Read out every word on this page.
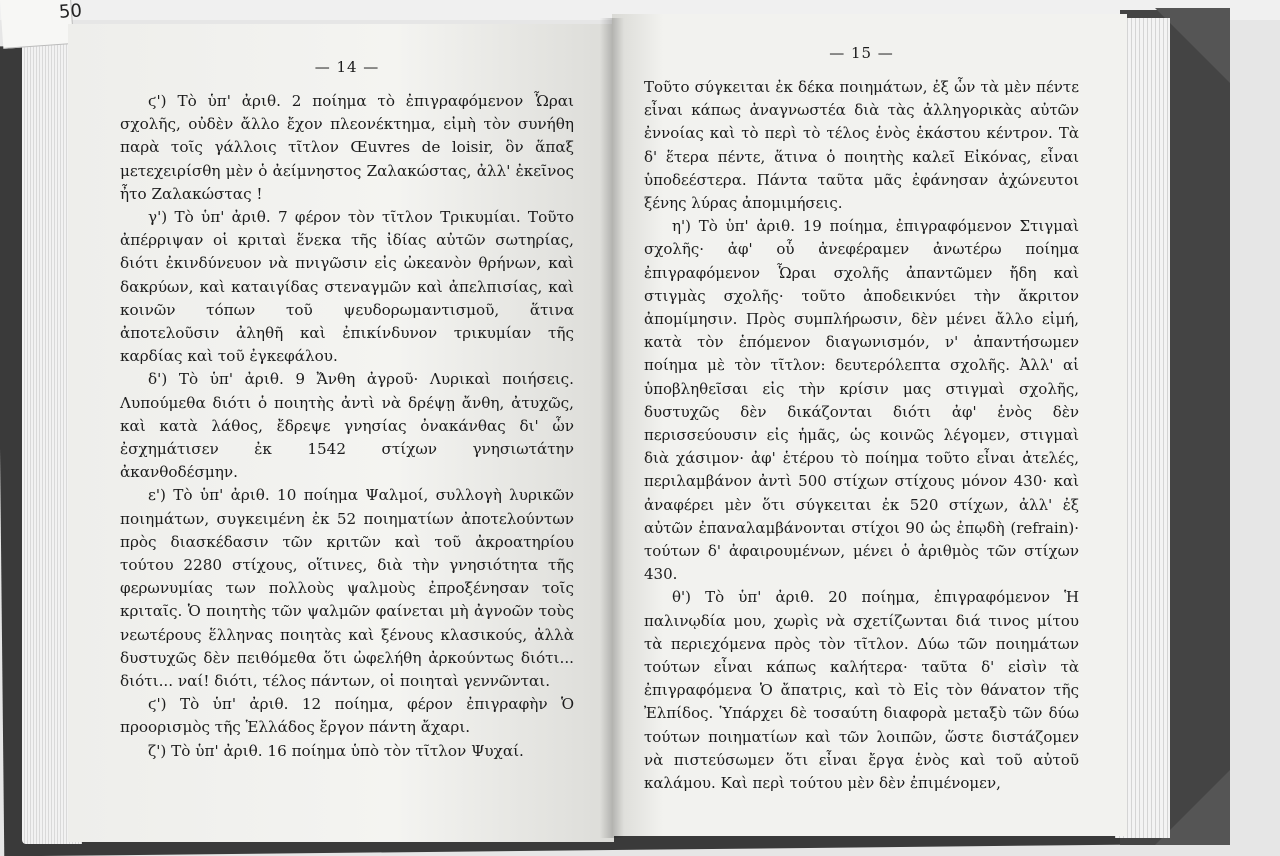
50
— 14 —

ϛ') Τὸ ὑπ' ἀριθ. 2 ποίημα τὸ ἐπιγραφόμενον Ὧραι σχολῆς, οὐδὲν ἄλλο ἔχον πλεονέκτημα, εἰμὴ τὸν συνήθη παρὰ τοῖς γάλλοις τῖτλον Œuvres de loisir, ὃν ἅπαξ μετεχειρίσθη μὲν ὁ ἀείμνηστος Ζαλακώστας, ἀλλ' ἐκεῖνος ἦτο Ζαλακώστας !

γ') Τὸ ὑπ' ἀριθ. 7 φέρον τὸν τῖτλον Τρικυμίαι. Τοῦτο ἀπέρριψαν οἱ κριταὶ ἕνεκα τῆς ἰδίας αὐτῶν σωτηρίας, διότι ἐκινδύνευον νὰ πνιγῶσιν εἰς ὠκεανὸν θρήνων, καὶ δακρύων, καὶ καταιγίδας στεναγμῶν καὶ ἀπελπισίας, καὶ κοινῶν τόπων τοῦ ψευδορωμαντισμοῦ, ἅτινα ἀποτελοῦσιν ἀληθῆ καὶ ἐπικίνδυνον τρικυμίαν τῆς καρδίας καὶ τοῦ ἐγκεφάλου.

δ') Τὸ ὑπ' ἀριθ. 9 Ἄνθη ἀγροῦ· Λυρικαὶ ποιήσεις. Λυπούμεθα διότι ὁ ποιητὴς ἀντὶ νὰ δρέψῃ ἄνθη, ἀτυχῶς, καὶ κατὰ λάθος, ἔδρεψε γνησίας ὀνακάνθας δι' ὧν ἐσχημάτισεν ἐκ 1542 στίχων γνησιωτάτην ἀκανθοδέσμην.

ε') Τὸ ὑπ' ἀριθ. 10 ποίημα Ψαλμοί, συλλογὴ λυρικῶν ποιημάτων, συγκειμένη ἐκ 52 ποιηματίων ἀποτελούντων πρὸς διασκέδασιν τῶν κριτῶν καὶ τοῦ ἀκροατηρίου τούτου 2280 στίχους, οἵτινες, διὰ τὴν γνησιότητα τῆς φερωνυμίας των πολλοὺς ψαλμοὺς ἐπροξένησαν τοῖς κριταῖς. Ὁ ποιητὴς τῶν ψαλμῶν φαίνεται μὴ ἀγνοῶν τοὺς νεωτέρους ἕλληνας ποιητὰς καὶ ξένους κλασικούς, ἀλλὰ δυστυχῶς δὲν πειθόμεθα ὅτι ὠφελήθη ἀρκούντως διότι... διότι... ναί! διότι, τέλος πάντων, οἱ ποιηταὶ γεννῶνται.

ϛ') Τὸ ὑπ' ἀριθ. 12 ποίημα, φέρον ἐπιγραφὴν Ὁ προορισμὸς τῆς Ἑλλάδος ἔργον πάντη ἄχαρι.

ζ') Τὸ ὑπ' ἀριθ. 16 ποίημα ὑπὸ τὸν τῖτλον Ψυχαί.

— 15 —

Τοῦτο σύγκειται ἐκ δέκα ποιημάτων, ἐξ ὧν τὰ μὲν πέντε εἶναι κάπως ἀναγνωστέα διὰ τὰς ἀλληγορικὰς αὐτῶν ἐννοίας καὶ τὸ περὶ τὸ τέλος ἑνὸς ἑκάστου κέντρον. Τὰ δ' ἕτερα πέντε, ἅτινα ὁ ποιητὴς καλεῖ Εἰκόνας, εἶναι ὑποδεέστερα. Πάντα ταῦτα μᾶς ἐφάνησαν ἀχώνευτοι ξένης λύρας ἀπομιμήσεις.

η') Τὸ ὑπ' ἀριθ. 19 ποίημα, ἐπιγραφόμενον Στιγμαὶ σχολῆς· ἀφ' οὗ ἀνεφέραμεν ἀνωτέρω ποίημα ἐπιγραφόμενον Ὧραι σχολῆς ἀπαντῶμεν ἤδη καὶ στιγμὰς σχολῆς· τοῦτο ἀποδεικνύει τὴν ἄκριτον ἀπομίμησιν. Πρὸς συμπλήρωσιν, δὲν μένει ἄλλο εἰμή, κατὰ τὸν ἑπόμενον διαγωνισμόν, ν' ἀπαντήσωμεν ποίημα μὲ τὸν τῖτλον: δευτερόλεπτα σχολῆς. Ἀλλ' αἱ ὑποβληθεῖσαι εἰς τὴν κρίσιν μας στιγμαὶ σχολῆς, δυστυχῶς δὲν δικάζονται διότι ἀφ' ἑνὸς δὲν περισσεύουσιν εἰς ἡμᾶς, ὡς κοινῶς λέγομεν, στιγμαὶ διὰ χάσιμον· ἀφ' ἑτέρου τὸ ποίημα τοῦτο εἶναι ἀτελές, περιλαμβάνον ἀντὶ 500 στίχων στίχους μόνον 430· καὶ ἀναφέρει μὲν ὅτι σύγκειται ἐκ 520 στίχων, ἀλλ' ἐξ αὐτῶν ἐπαναλαμβάνονται στίχοι 90 ὡς ἐπῳδὴ (refrain)· τούτων δ' ἀφαιρουμένων, μένει ὁ ἀριθμὸς τῶν στίχων 430.

θ') Τὸ ὑπ' ἀριθ. 20 ποίημα, ἐπιγραφόμενον Ἡ παλινῳδία μου, χωρὶς νὰ σχετίζωνται διά τινος μίτου τὰ περιεχόμενα πρὸς τὸν τῖτλον. Δύω τῶν ποιημάτων τούτων εἶναι κάπως καλήτερα· ταῦτα δ' εἰσὶν τὰ ἐπιγραφόμενα Ὁ ἄπατρις, καὶ τὸ Εἰς τὸν θάνατον τῆς Ἐλπίδος. Ὑπάρχει δὲ τοσαύτη διαφορὰ μεταξὺ τῶν δύω τούτων ποιηματίων καὶ τῶν λοιπῶν, ὥστε διστάζομεν νὰ πιστεύσωμεν ὅτι εἶναι ἔργα ἑνὸς καὶ τοῦ αὐτοῦ καλάμου. Καὶ περὶ τούτου μὲν δὲν ἐπιμένομεν,
